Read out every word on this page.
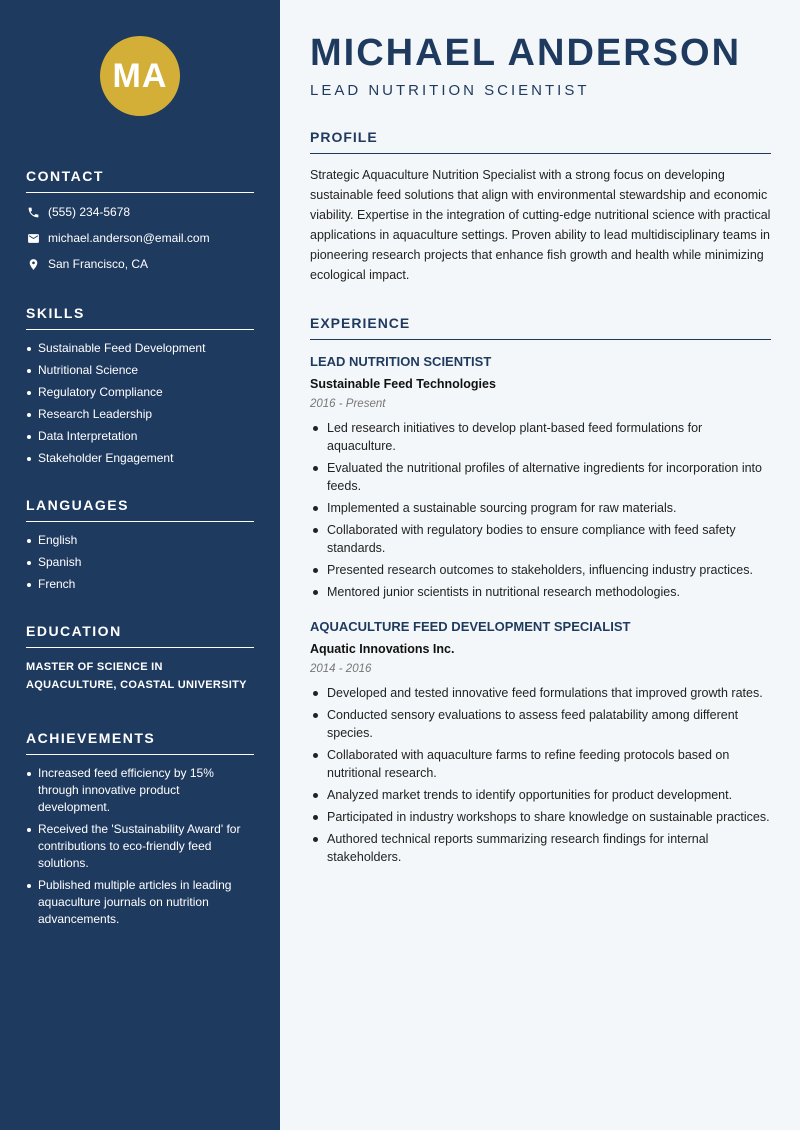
MA
CONTACT
(555) 234-5678
michael.anderson@email.com
San Francisco, CA
SKILLS
Sustainable Feed Development
Nutritional Science
Regulatory Compliance
Research Leadership
Data Interpretation
Stakeholder Engagement
LANGUAGES
English
Spanish
French
EDUCATION

MASTER OF SCIENCE IN AQUACULTURE, COASTAL UNIVERSITY

ACHIEVEMENTS
Increased feed efficiency by 15% through innovative product development.
Received the 'Sustainability Award' for contributions to eco-friendly feed solutions.
Published multiple articles in leading aquaculture journals on nutrition advancements.
MICHAEL ANDERSON
LEAD NUTRITION SCIENTIST
PROFILE

Strategic Aquaculture Nutrition Specialist with a strong focus on developing sustainable feed solutions that align with environmental stewardship and economic viability. Expertise in the integration of cutting-edge nutritional science with practical applications in aquaculture settings. Proven ability to lead multidisciplinary teams in pioneering research projects that enhance fish growth and health while minimizing ecological impact.

EXPERIENCE
LEAD NUTRITION SCIENTIST
Sustainable Feed Technologies
2016 - Present
Led research initiatives to develop plant-based feed formulations for aquaculture.
Evaluated the nutritional profiles of alternative ingredients for incorporation into feeds.
Implemented a sustainable sourcing program for raw materials.
Collaborated with regulatory bodies to ensure compliance with feed safety standards.
Presented research outcomes to stakeholders, influencing industry practices.
Mentored junior scientists in nutritional research methodologies.
AQUACULTURE FEED DEVELOPMENT SPECIALIST
Aquatic Innovations Inc.
2014 - 2016
Developed and tested innovative feed formulations that improved growth rates.
Conducted sensory evaluations to assess feed palatability among different species.
Collaborated with aquaculture farms to refine feeding protocols based on nutritional research.
Analyzed market trends to identify opportunities for product development.
Participated in industry workshops to share knowledge on sustainable practices.
Authored technical reports summarizing research findings for internal stakeholders.
